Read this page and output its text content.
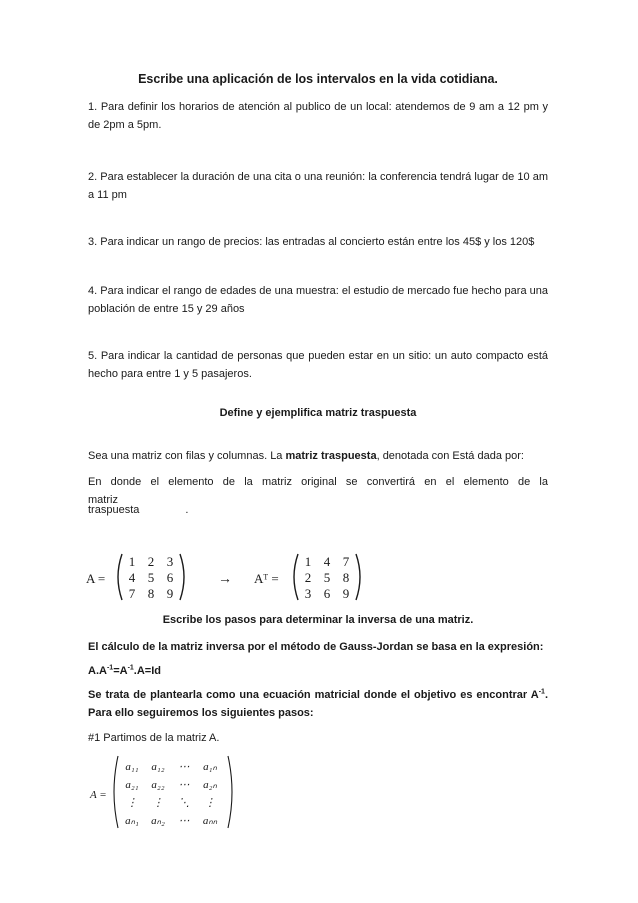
Escribe una aplicación de los intervalos en la vida cotidiana.
1. Para definir los horarios de atención al publico de un local: atendemos de 9 am a 12 pm y de 2pm a 5pm.
2. Para establecer la duración de una cita o una reunión: la conferencia tendrá lugar de 10 am a 11 pm
3. Para indicar un rango de precios: las entradas al concierto están entre los 45$ y los 120$
4. Para indicar el rango de edades de una muestra: el estudio de mercado fue hecho para una población de entre 15 y 29 años
5. Para indicar la cantidad de personas que pueden estar en un sitio: un auto compacto está hecho para entre 1 y 5 pasajeros.
Define y ejemplifica matriz traspuesta
Sea una matriz con filas y columnas. La matriz traspuesta, denotada con Está dada por:
En donde el elemento de la matriz original se convertirá en el elemento de la matriz
traspuesta	.
A =
1 2 3
4 5 6
7 8 9
→ Aᵀ =
1 4 7
2 5 8
3 6 9
Escribe los pasos para determinar la inversa de una matriz.
El cálculo de la matriz inversa por el método de Gauss-Jordan se basa en la expresión:
$A.A^{-1}=A^{-1}.A=Id$
Se trata de plantearla como una ecuación matricial donde el objetivo es encontrar $A^{-1}$. Para ello seguiremos los siguientes pasos:
#1 Partimos de la matriz A.
A =
a₁₁ a₁₂ ⋯ a₁ₙ
a₂₁ a₂₂ ⋯ a₂ₙ
⋮ ⋮ ⋱ ⋮
aₙ₁ aₙ₂ ⋯ aₙₙ
